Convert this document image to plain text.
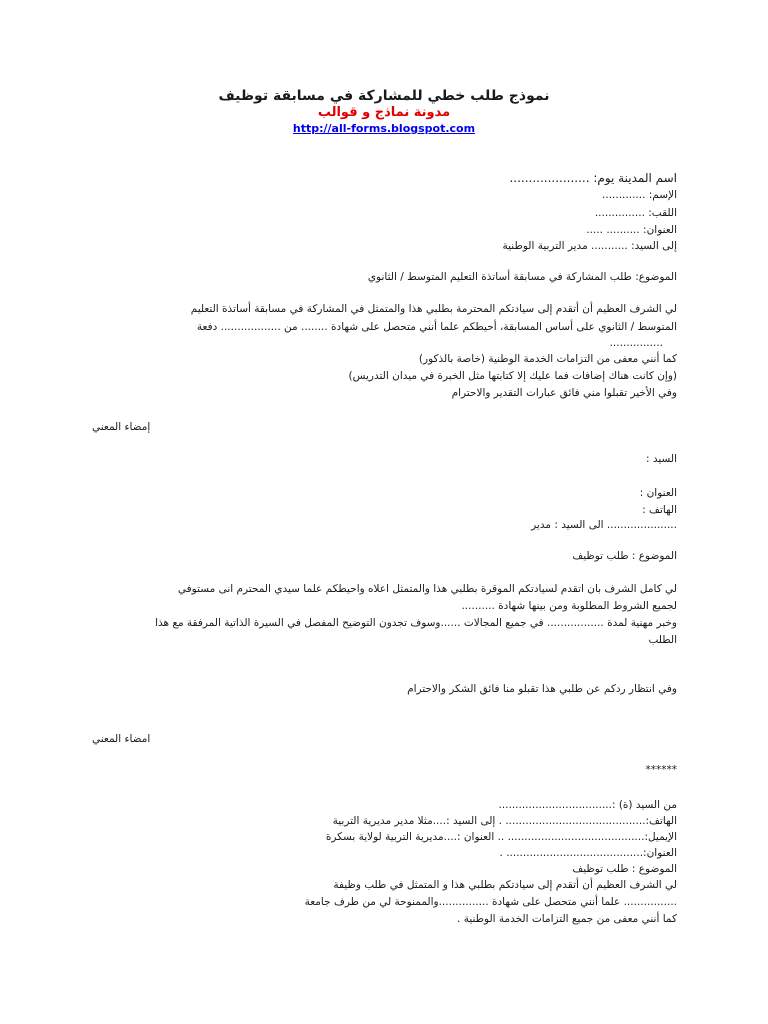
نموذج طلب خطي للمشاركة في مسابقة توظيف
مدونة نماذج و قوالب
http://all-forms.blogspot.com
اسم المدينة يوم: .....................
الإسم: .............
اللقب: ...............
العنوان: .......... .....
إلى السيد: ........... مدير التربية الوطنية
الموضوع: طلب المشاركة في مسابقة أساتذة التعليم المتوسط / الثانوي
لي الشرف العظيم أن أتقدم إلى سيادتكم المحترمة بطلبي هذا والمتمثل في المشاركة في مسابقة أساتذة التعليم
المتوسط / الثانوي على أساس المسابقة، أحيطكم علما أنني متحصل على شهادة ........ من .................. دفعة
................
كما أنني معفى من التزامات الخدمة الوطنية (خاصة بالذكور)
(وإن كانت هناك إضافات فما عليك إلا كتابتها مثل الخبرة في ميدان التدريس)
وفي الأخير تقبلوا مني فائق عبارات التقدير والاحترام
إمضاء المعني
السيد :
العنوان :
الهاتف :
..................... الى السيد : مدير
الموضوع : طلب توظيف
لي كامل الشرف بان اتقدم لسيادتكم الموقرة بطلبي هذا والمتمثل اعلاه واحيطكم علما سيدي المحترم انى مستوفي
لجميع الشروط المطلوبة ومن بينها شهادة ..........
وخبر مهنية لمدة ................. في جميع المجالات ......وسوف تجدون التوضيح المفصل في السيرة الذاتية المرفقة مع هذا
الطلب
وفي انتظار ردكم عن طلبي هذا تقبلو منا فائق الشكر والاحترام
امضاء المعني
******
من السيد (ة) :..................................
الهاتف:.......................................... . إلى السيد :....مثلا مدير مديرية التربية
الإيميل:......................................... .. العنوان :....مديرية التربية لولاية بسكرة
العنوان:......................................... .
الموضوع : طلب توظيف
لي الشرف العظيم أن أتقدم إلى سيادتكم بطلبي هذا و المتمثل في طلب وظيفة
................ علما أنني متحصل على شهادة ...............والممنوحة لي من طرف جامعة
كما أنني معفى من جميع التزامات الخدمة الوطنية .
